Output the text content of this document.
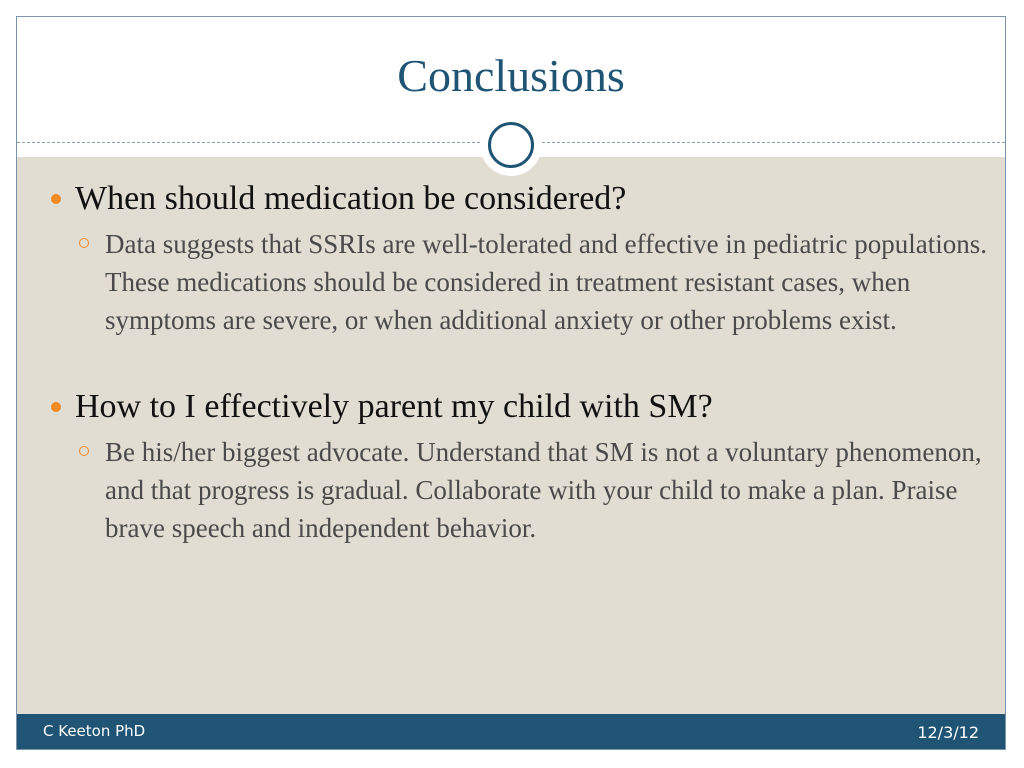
Conclusions

When should medication be considered?

Data suggests that SSRIs are well-tolerated and effective in pediatric populations. These medications should be considered in treatment resistant cases, when symptoms are severe, or when additional anxiety or other problems exist.

How to I effectively parent my child with SM?

Be his/her biggest advocate. Understand that SM is not a voluntary phenomenon, and that progress is gradual. Collaborate with your child to make a plan. Praise brave speech and independent behavior.

C Keeton PhD	12/3/12
